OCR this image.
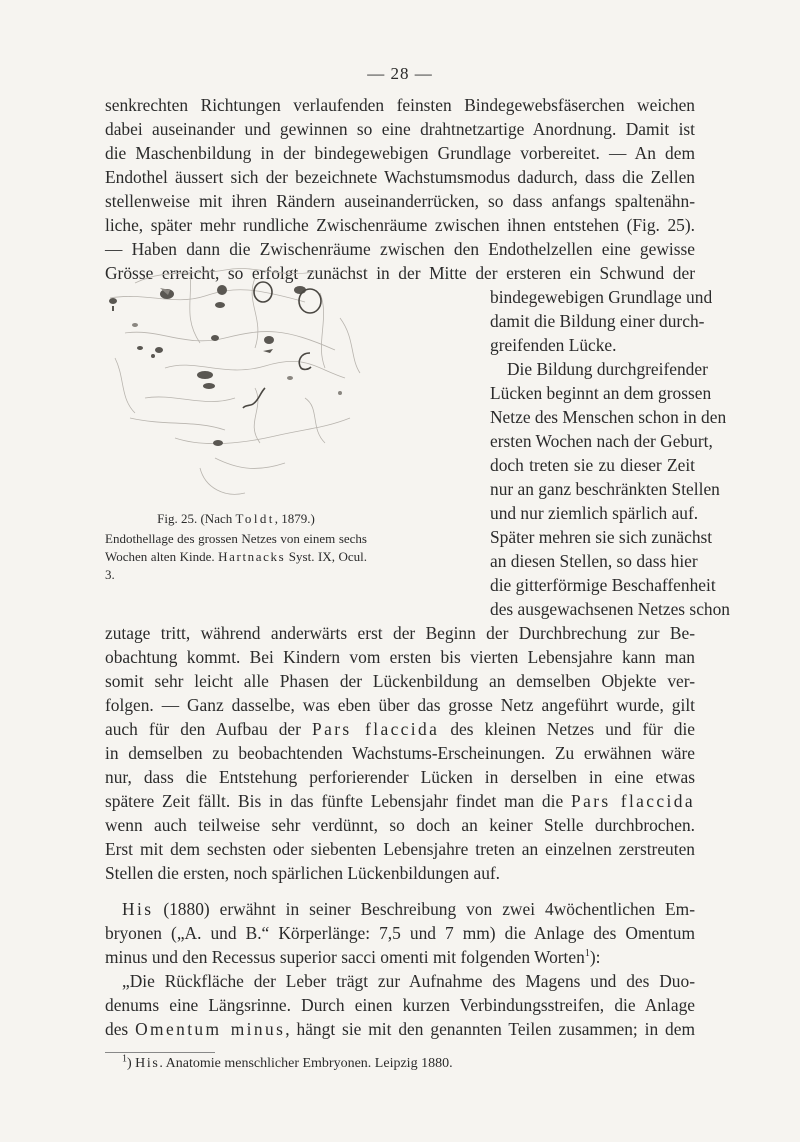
— 28 —
senkrechten Richtungen verlaufenden feinsten Bindegewebsfäserchen weichen
dabei auseinander und gewinnen so eine drahtnetzartige Anordnung. Damit ist
die Maschenbildung in der bindegewebigen Grundlage vorbereitet. — An dem
Endothel äussert sich der bezeichnete Wachstumsmodus dadurch, dass die Zellen
stellenweise mit ihren Rändern auseinanderrücken, so dass anfangs spaltenähn-
liche, später mehr rundliche Zwischenräume zwischen ihnen entstehen (Fig. 25).
— Haben dann die Zwischenräume zwischen den Endothelzellen eine gewisse
Grösse erreicht, so erfolgt zunächst in der Mitte der ersteren ein Schwund der
bindegewebigen Grundlage und
damit die Bildung einer durch-
greifenden Lücke.
Die Bildung durchgreifender
Lücken beginnt an dem grossen
Netze des Menschen schon in den
ersten Wochen nach der Geburt,
doch treten sie zu dieser Zeit
nur an ganz beschränkten Stellen
und nur ziemlich spärlich auf.
Später mehren sie sich zunächst
an diesen Stellen, so dass hier
die gitterförmige Beschaffenheit
Fig. 25. (Nach Toldt, 1879.)
Endothellage des grossen Netzes von einem sechs Wochen alten Kinde. Hartnacks Syst. IX, Ocul. 3.
des ausgewachsenen Netzes schon
zutage tritt, während anderwärts erst der Beginn der Durchbrechung zur Be-
obachtung kommt. Bei Kindern vom ersten bis vierten Lebensjahre kann man
somit sehr leicht alle Phasen der Lückenbildung an demselben Objekte ver-
folgen. — Ganz dasselbe, was eben über das grosse Netz angeführt wurde, gilt
auch für den Aufbau der Pars flaccida des kleinen Netzes und für die
in demselben zu beobachtenden Wachstums-Erscheinungen. Zu erwähnen wäre
nur, dass die Entstehung perforierender Lücken in derselben in eine etwas
spätere Zeit fällt. Bis in das fünfte Lebensjahr findet man die Pars flaccida
wenn auch teilweise sehr verdünnt, so doch an keiner Stelle durchbrochen.
Erst mit dem sechsten oder siebenten Lebensjahre treten an einzelnen zerstreuten
Stellen die ersten, noch spärlichen Lückenbildungen auf.
His (1880) erwähnt in seiner Beschreibung von zwei 4wöchentlichen Em-
bryonen („A. und B.“ Körperlänge: 7,5 und 7 mm) die Anlage des Omentum
minus und den Recessus superior sacci omenti mit folgenden Worten$^1$):
„Die Rückfläche der Leber trägt zur Aufnahme des Magens und des Duo-
denums eine Längsrinne. Durch einen kurzen Verbindungsstreifen, die Anlage
des Omentum minus, hängt sie mit den genannten Teilen zusammen; in dem
$^1$) His. Anatomie menschlicher Embryonen. Leipzig 1880.
